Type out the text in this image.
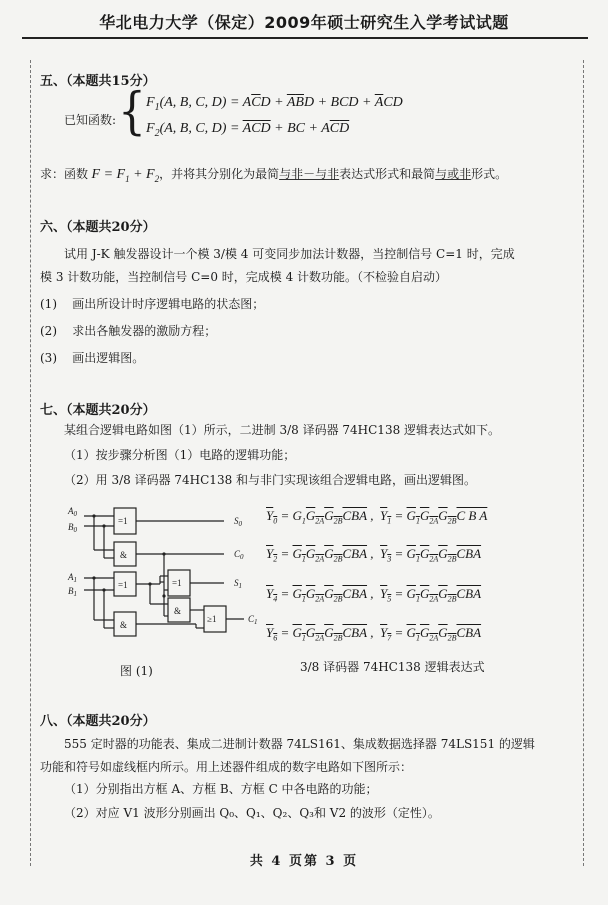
华北电力大学（保定）2009年硕士研究生入学考试试题
五、（本题共15分）
已知函数: { $F_1(A$, B, C, $D) = A\overline{C}D + \overline{A}\overline{B}D$ + BCD + $\overline{A}CD$
$F_2(A$, B, C, $D) = \overline{AC}\overline{D}$ + BC + $A\overline{C}\overline{D}$
求：函数 $F = F_1 + F_2$，并将其分别化为最简与非－与非表达式形式和最简与或非形式。
六、（本题共20分）
试用 J-K 触发器设计一个模 3/模 4 可变同步加法计数器，当控制信号 C=1 时，完成
模 3 计数功能，当控制信号 C=0 时，完成模 4 计数功能。（不检验自启动）
(1) 画出所设计时序逻辑电路的状态图；
(2) 求出各触发器的激励方程；
(3) 画出逻辑图。
七、（本题共20分）
某组合逻辑电路如图（1）所示，二进制 3/8 译码器 74HC138 逻辑表达式如下。
（1）按步骤分析图（1）电路的逻辑功能；
（2）用 3/8 译码器 74HC138 和与非门实现该组合逻辑电路，画出逻辑图。
$A_0$
$B_0$
$A_1$
$B_1$
$S_0$
$C_0$
$S_1$
$C_1$
=1
&
=1
&
=1
&
≥1
图 (1)
$Y_0 = G_1G_{2A}G_{2B}\overline{CBA}$ ,  $Y_1 = G_1G_{2A}G_{2B}C$ B A
$Y_2 = G_1G_{2A}G_{2B}CBA$ ,  $Y_3 = G_1G_{2A}G_{2B}CBA$
$Y_4 = G_1G_{2A}G_{2B}CBA$ ,  $Y_5 = G_1G_{2A}G_{2B}CBA$
$Y_6 = G_1G_{2A}G_{2B}CBA$ ,  $Y_7 = G_1G_{2A}G_{2B}CBA$
3/8 译码器 74HC138 逻辑表达式
八、（本题共20分）
555 定时器的功能表、集成二进制计数器 74LS161、集成数据选择器 74LS151 的逻辑
功能和符号如虚线框内所示。用上述器件组成的数字电路如下图所示：
（1）分别指出方框 A、方框 B、方框 C 中各电路的功能；
（2）对应 V1 波形分别画出 Q₀、Q₁、Q₂、Q₃和 V2 的波形（定性）。
共 4 页第 3 页
